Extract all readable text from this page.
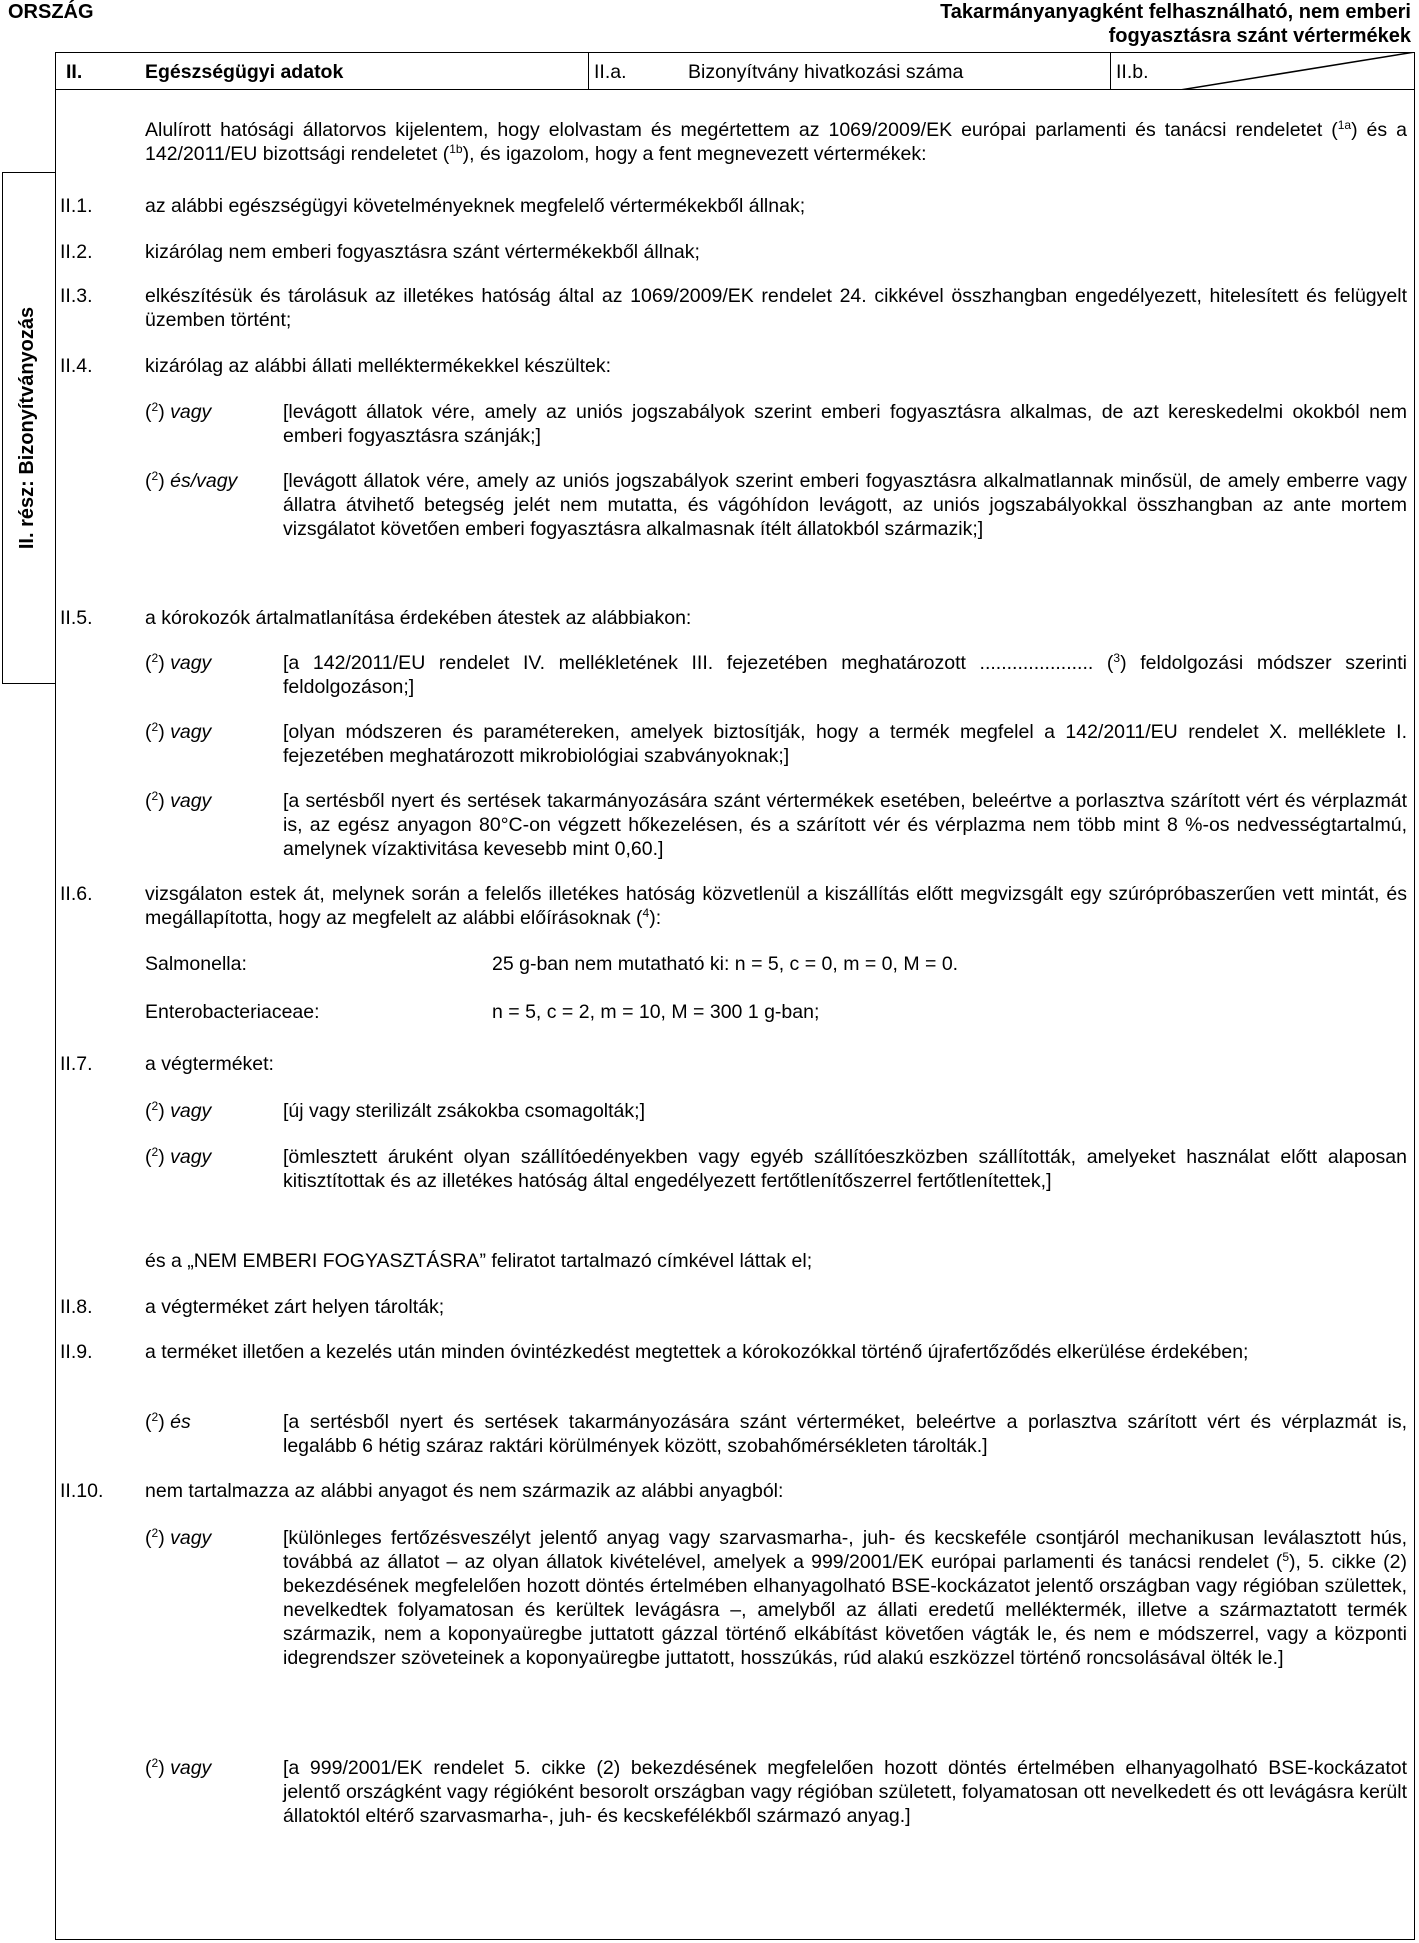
ORSZÁG	Takarmányanyagként felhasználható, nem emberi
fogyasztásra szánt vértermékek
II.	Egészségügyi adatok	II.a.	Bizonyítvány hivatkozási száma	II.b.
II. rész: Bizonyítványozás
Alulírott hatósági állatorvos kijelentem, hogy elolvastam és megértettem az 1069/2009/EK európai parlamenti és tanácsi rendeletet ($^{1a}$) és a 142/2011/EU bizottsági rendeletet ($^{1b}$), és igazolom, hogy a fent megnevezett vértermékek:
II.1.	az alábbi egészségügyi követelményeknek megfelelő vértermékekből állnak;
II.2.	kizárólag nem emberi fogyasztásra szánt vértermékekből állnak;
II.3.	elkészítésük és tárolásuk az illetékes hatóság által az 1069/2009/EK rendelet 24. cikkével összhangban engedélyezett, hitelesített és felügyelt üzemben történt;
II.4.	kizárólag az alábbi állati melléktermékekkel készültek:
($^2$) vagy	[levágott állatok vére, amely az uniós jogszabályok szerint emberi fogyasztásra alkalmas, de azt kereskedelmi okokból nem emberi fogyasztásra szánják;]
($^2$) és/vagy [levágott állatok vére, amely az uniós jogszabályok szerint emberi fogyasztásra alkalmatlannak minősül, de amely emberre vagy állatra átvihető betegség jelét nem mutatta, és vágóhídon levágott, az uniós jogszabályokkal összhangban az ante mortem vizsgálatot követően emberi fogyasztásra alkalmasnak ítélt állatokból származik;]
II.5.	a kórokozók ártalmatlanítása érdekében átestek az alábbiakon:
($^2$) vagy	[a 142/2011/EU rendelet IV. mellékletének III. fejezetében meghatározott ..................... ($^3$) feldolgozási módszer szerinti feldolgozáson;]
($^2$) vagy	[olyan módszeren és paramétereken, amelyek biztosítják, hogy a termék megfelel a 142/2011/EU rendelet X. melléklete I. fejezetében meghatározott mikrobiológiai szabványoknak;]
($^2$) vagy	[a sertésből nyert és sertések takarmányozására szánt vértermékek esetében, beleértve a porlasztva szárított vért és vérplazmát is, az egész anyagon 80°C-on végzett hőkezelésen, és a szárított vér és vérplazma nem több mint 8 %-os nedvességtartalmú, amelynek vízaktivitása kevesebb mint 0,60.]
II.6.	vizsgálaton estek át, melynek során a felelős illetékes hatóság közvetlenül a kiszállítás előtt megvizsgált egy szúrópróbaszerűen vett mintát, és megállapította, hogy az megfelelt az alábbi előírásoknak ($^4$):
Salmonella:	25 g-ban nem mutatható ki: n = 5, c = 0, m = 0, M = 0.
Enterobacteriaceae:	n = 5, c = 2, m = 10, M = 300 1 g-ban;
II.7.	a végterméket:
($^2$) vagy	[új vagy sterilizált zsákokba csomagolták;]
($^2$) vagy	[ömlesztett áruként olyan szállítóedényekben vagy egyéb szállítóeszközben szállították, amelyeket használat előtt alaposan kitisztítottak és az illetékes hatóság által engedélyezett fertőtlenítőszerrel fertőtlenítettek,]
és a „NEM EMBERI FOGYASZTÁSRA” feliratot tartalmazó címkével láttak el;
II.8.	a végterméket zárt helyen tárolták;
II.9.	a terméket illetően a kezelés után minden óvintézkedést megtettek a kórokozókkal történő újrafertőződés elkerülése érdekében;
($^2$) és	[a sertésből nyert és sertések takarmányozására szánt vérterméket, beleértve a porlasztva szárított vért és vérplazmát is, legalább 6 hétig száraz raktári körülmények között, szobahőmérsékleten tárolták.]
II.10. nem tartalmazza az alábbi anyagot és nem származik az alábbi anyagból:
($^2$) vagy	[különleges fertőzésveszélyt jelentő anyag vagy szarvasmarha-, juh- és kecskeféle csontjáról mechanikusan leválasztott hús, továbbá az állatot – az olyan állatok kivételével, amelyek a 999/2001/EK európai parlamenti és tanácsi rendelet ($^5$), 5. cikke (2) bekezdésének megfelelően hozott döntés értelmében elhanyagolható BSE-kockázatot jelentő országban vagy régióban születtek, nevelkedtek folyamatosan és kerültek levágásra –, amelyből az állati eredetű melléktermék, illetve a származtatott termék származik, nem a koponyaüregbe juttatott gázzal történő elkábítást követően vágták le, és nem e módszerrel, vagy a központi idegrendszer szöveteinek a koponyaüregbe juttatott, hosszúkás, rúd alakú eszközzel történő roncsolásával ölték le.]
($^2$) vagy	[a 999/2001/EK rendelet 5. cikke (2) bekezdésének megfelelően hozott döntés értelmében elhanyagolható BSE-kockázatot jelentő országként vagy régióként besorolt országban vagy régióban született, folyamatosan ott nevelkedett és ott levágásra került állatoktól eltérő szarvasmarha-, juh- és kecskefélékből származó anyag.]
